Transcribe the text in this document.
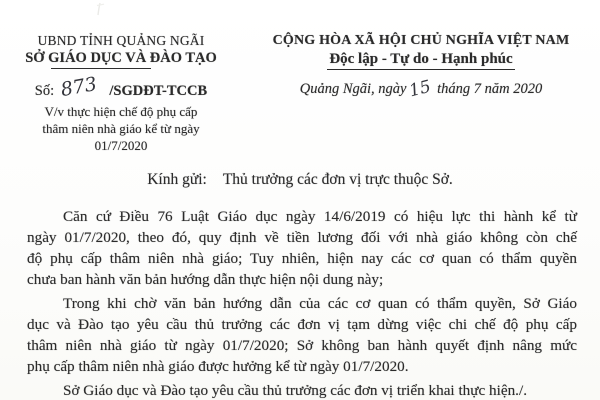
UBND TỈNH QUẢNG NGÃI
SỞ GIÁO DỤC VÀ ĐÀO TẠO
Số: 873 /SGDĐT-TCCB
V/v thực hiện chế độ phụ cấp
thâm niên nhà giáo kể từ ngày
01/7/2020
CỘNG HÒA XÃ HỘI CHỦ NGHĨA VIỆT NAM
Độc lập - Tự do - Hạnh phúc
Quảng Ngãi, ngày15 tháng 7 năm 2020
Kính gửi: Thủ trưởng các đơn vị trực thuộc Sở.
Căn cứ Điều 76 Luật Giáo dục ngày 14/6/2019 có hiệu lực thi hành kể từ
ngày 01/7/2020, theo đó, quy định về tiền lương đối với nhà giáo không còn chế
độ phụ cấp thâm niên nhà giáo; Tuy nhiên, hiện nay các cơ quan có thẩm quyền
chưa ban hành văn bản hướng dẫn thực hiện nội dung này;
Trong khi chờ văn bản hướng dẫn của các cơ quan có thẩm quyền, Sở Giáo
dục và Đào tạo yêu cầu thủ trưởng các đơn vị tạm dừng việc chi chế độ phụ cấp
thâm niên nhà giáo từ ngày 01/7/2020; Sở không ban hành quyết định nâng mức
phụ cấp thâm niên nhà giáo được hưởng kể từ ngày 01/7/2020.
Sở Giáo dục và Đào tạo yêu cầu thủ trưởng các đơn vị triển khai thực hiện./.
